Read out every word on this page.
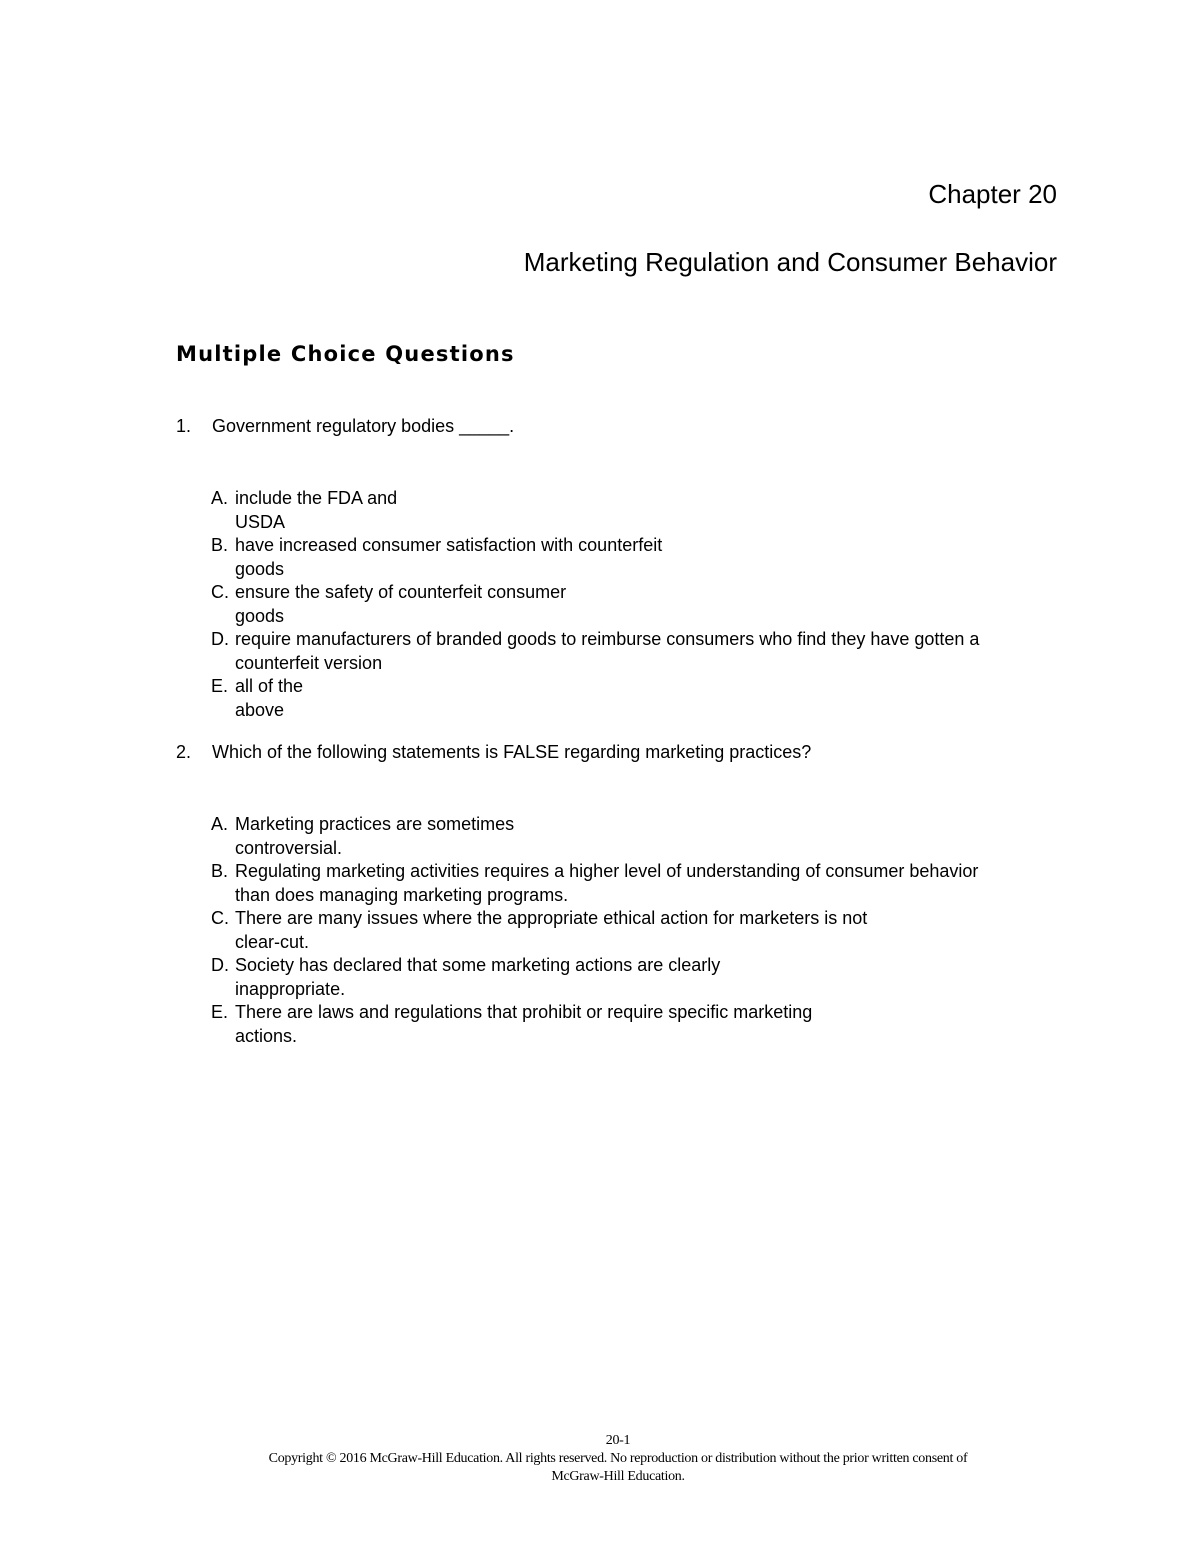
Chapter 20
Marketing Regulation and Consumer Behavior
Multiple Choice Questions
1. Government regulatory bodies _____.
A. include the FDA and
USDA
B. have increased consumer satisfaction with counterfeit
goods
C. ensure the safety of counterfeit consumer
goods
D. require manufacturers of branded goods to reimburse consumers who find they have gotten a
counterfeit version
E. all of the
above
2. Which of the following statements is FALSE regarding marketing practices?
A. Marketing practices are sometimes
controversial.
B. Regulating marketing activities requires a higher level of understanding of consumer behavior
than does managing marketing programs.
C. There are many issues where the appropriate ethical action for marketers is not
clear-cut.
D. Society has declared that some marketing actions are clearly
inappropriate.
E. There are laws and regulations that prohibit or require specific marketing
actions.
20-1
Copyright © 2016 McGraw-Hill Education. All rights reserved. No reproduction or distribution without the prior written consent of
McGraw-Hill Education.
